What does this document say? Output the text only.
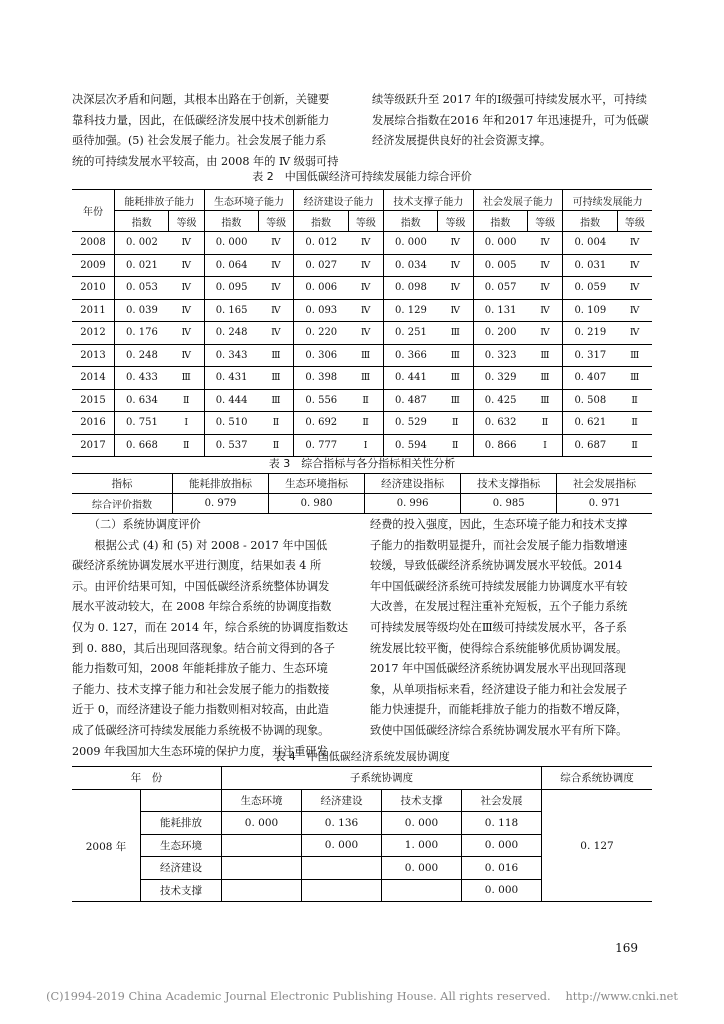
决深层次矛盾和问题，其根本出路在于创新，关键要

靠科技力量，因此，在低碳经济发展中技术创新能力

亟待加强。(5) 社会发展子能力。社会发展子能力系

统的可持续发展水平较高，由 2008 年的 Ⅳ 级弱可持

续等级跃升至 2017 年的Ⅰ级强可持续发展水平，可持续

发展综合指数在2016 年和2017 年迅速提升，可为低碳

经济发展提供良好的社会资源支撑。

表 2　中国低碳经济可持续发展能力综合评价
年份	能耗排放子能力		生态环境子能力		经济建设子能力		技术支撑子能力		社会发展子能力		可持续发展能力	
	指数	等级	指数	等级	指数	等级	指数	等级	指数	等级	指数	等级
2008	0. 002	Ⅳ	0. 000	Ⅳ	0. 012	Ⅳ	0. 000	Ⅳ	0. 000	Ⅳ	0. 004	Ⅳ
2009	0. 021	Ⅳ	0. 064	Ⅳ	0. 027	Ⅳ	0. 034	Ⅳ	0. 005	Ⅳ	0. 031	Ⅳ
2010	0. 053	Ⅳ	0. 095	Ⅳ	0. 006	Ⅳ	0. 098	Ⅳ	0. 057	Ⅳ	0. 059	Ⅳ
2011	0. 039	Ⅳ	0. 165	Ⅳ	0. 093	Ⅳ	0. 129	Ⅳ	0. 131	Ⅳ	0. 109	Ⅳ
2012	0. 176	Ⅳ	0. 248	Ⅳ	0. 220	Ⅳ	0. 251	Ⅲ	0. 200	Ⅳ	0. 219	Ⅳ
2013	0. 248	Ⅳ	0. 343	Ⅲ	0. 306	Ⅲ	0. 366	Ⅲ	0. 323	Ⅲ	0. 317	Ⅲ
2014	0. 433	Ⅲ	0. 431	Ⅲ	0. 398	Ⅲ	0. 441	Ⅲ	0. 329	Ⅲ	0. 407	Ⅲ
2015	0. 634	Ⅱ	0. 444	Ⅲ	0. 556	Ⅱ	0. 487	Ⅲ	0. 425	Ⅲ	0. 508	Ⅱ
2016	0. 751	Ⅰ	0. 510	Ⅱ	0. 692	Ⅱ	0. 529	Ⅱ	0. 632	Ⅱ	0. 621	Ⅱ
2017	0. 668	Ⅱ	0. 537	Ⅱ	0. 777	Ⅰ	0. 594	Ⅱ	0. 866	Ⅰ	0. 687	Ⅱ
表 3　综合指标与各分指标相关性分析
指标	能耗排放指标	生态环境指标	经济建设指标	技术支撑指标	社会发展指标
综合评价指数	0. 979	0. 980	0. 996	0. 985	0. 971

（二）系统协调度评价

根据公式 (4) 和 (5) 对 2008 - 2017 年中国低

碳经济系统协调发展水平进行测度，结果如表 4 所

示。由评价结果可知，中国低碳经济系统整体协调发

展水平波动较大，在 2008 年综合系统的协调度指数

仅为 0. 127，而在 2014 年，综合系统的协调度指数达

到 0. 880，其后出现回落现象。结合前文得到的各子

能力指数可知，2008 年能耗排放子能力、生态环境

子能力、技术支撑子能力和社会发展子能力的指数接

近于 0，而经济建设子能力指数则相对较高，由此造

成了低碳经济可持续发展能力系统极不协调的现象。

2009 年我国加大生态环境的保护力度，并注重研发

经费的投入强度，因此，生态环境子能力和技术支撑

子能力的指数明显提升，而社会发展子能力指数增速

较缓，导致低碳经济系统协调发展水平较低。2014

年中国低碳经济系统可持续发展能力协调度水平有较

大改善，在发展过程注重补充短板，五个子能力系统

可持续发展等级均处在Ⅲ级可持续发展水平，各子系

统发展比较平衡，使得综合系统能够优质协调发展。

2017 年中国低碳经济系统协调发展水平出现回落现

象，从单项指标来看，经济建设子能力和社会发展子

能力快速提升，而能耗排放子能力的指数不增反降，

致使中国低碳经济综合系统协调发展水平有所下降。

表 4　中国低碳经济系统发展协调度
年　份		子系统协调度				综合系统协调度
		生态环境	经济建设	技术支撑	社会发展	
2008 年	能耗排放	0. 000	0. 136	0. 000	0. 118	0. 127
	生态环境		0. 000	1. 000	0. 000	
	经济建设			0. 000	0. 016	
	技术支撑				0. 000	
169
(C)1994-2019 China Academic Journal Electronic Publishing House. All rights reserved.　 http://www.cnki.net
